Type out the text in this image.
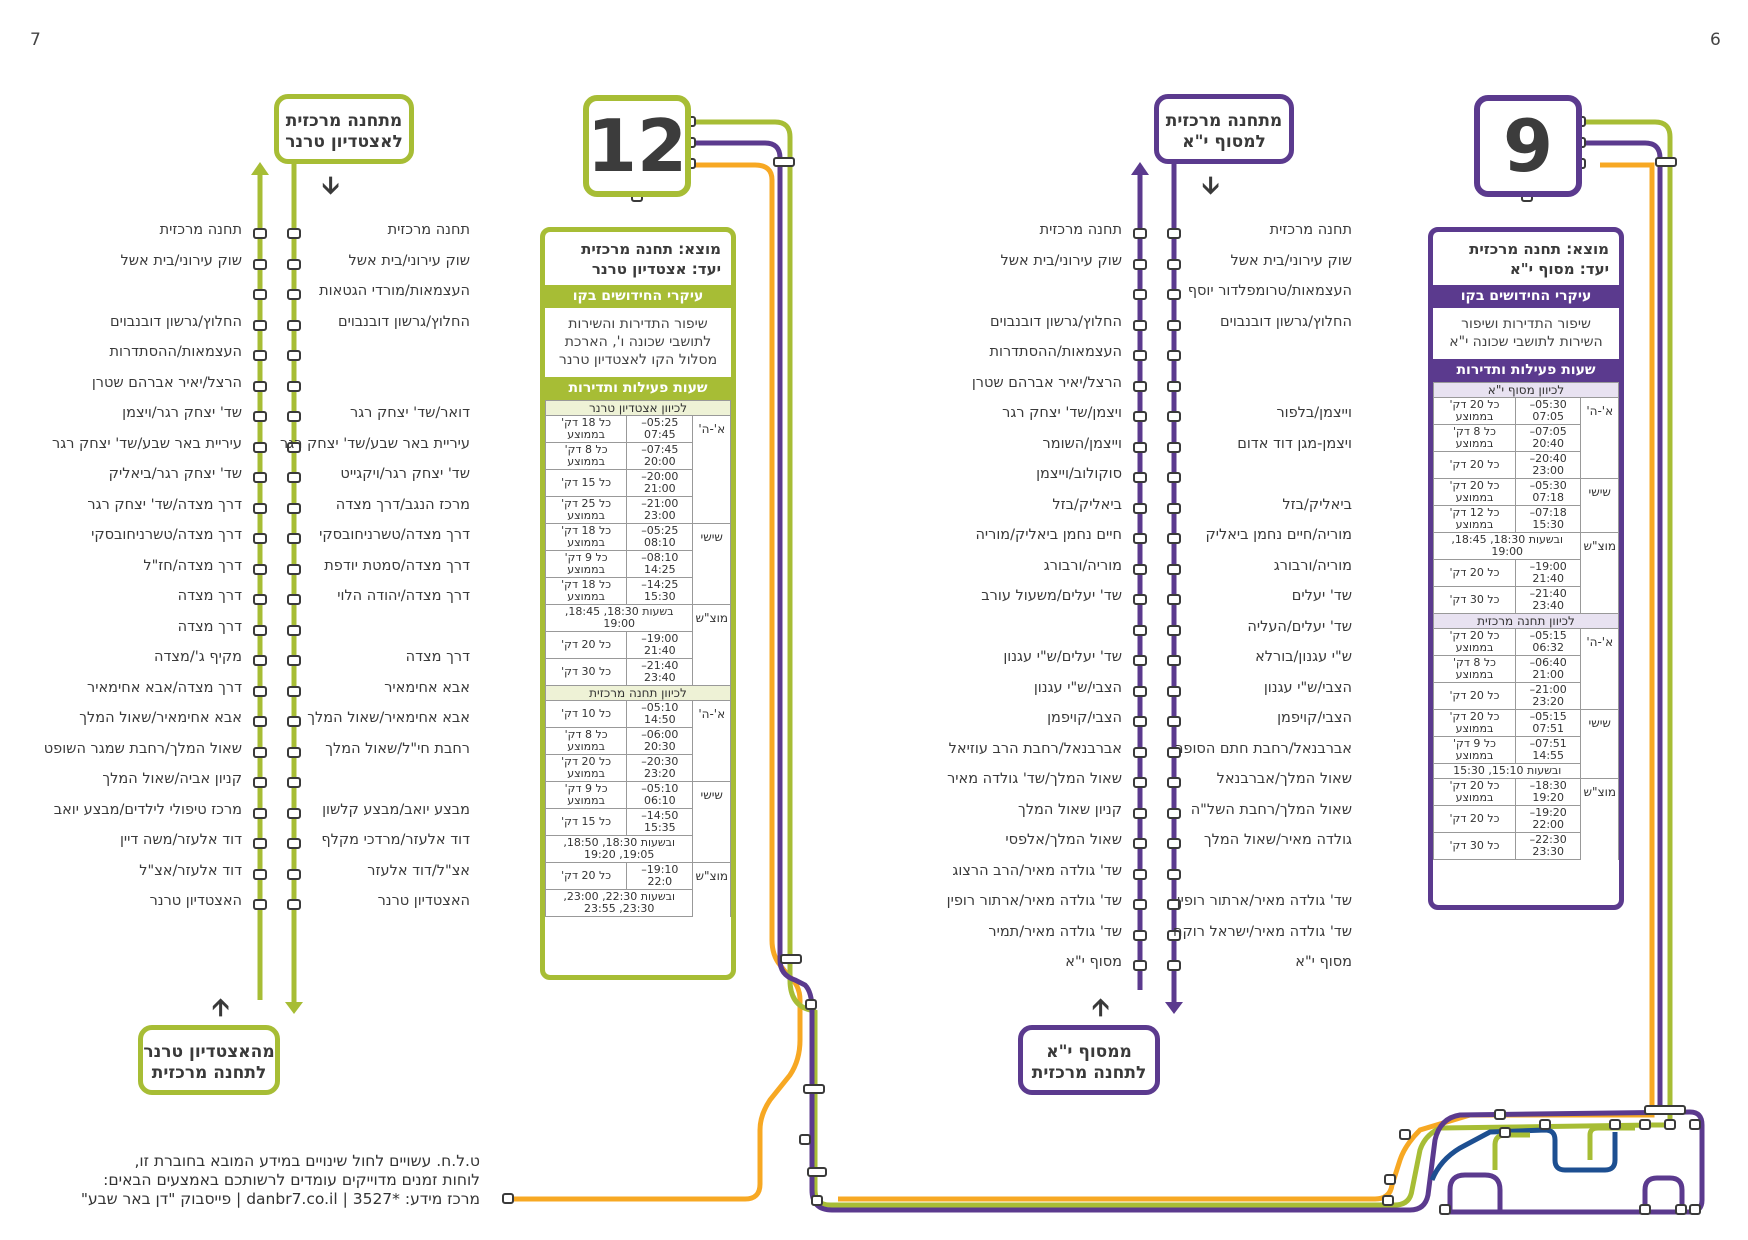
7	6
12
מתחנה מרכזית
לאצטדיון טרנר
🡫
מהאצטדיון טרנר
לתחנה מרכזית
🡩
מוצא: תחנה מרכזית
יעד: אצטדיון טרנר
עיקרי החידושים בקו
שיפור התדירות והשירות לתושבי שכונה ו', הארכת מסלול הקו לאצטדיון טרנר
שעות פעילות ותדירות
לכיוון אצטדיון טרנר		
א'-ה'	05:25–07:45	כל 18 דק' בממוצע
	07:45–20:00	כל 8 דק' בממוצע
	20:00–21:00	כל 15 דק'
	21:00–23:00	כל 25 דק' בממוצע
שישי	05:25–08:10	כל 18 דק' בממוצע
	08:10–14:25	כל 9 דק' בממוצע
	14:25–15:30	כל 18 דק' בממוצע
מוצ"ש	בשעות 18:30, 18:45, 19:00	
	19:00–21:40	כל 20 דק'
	21:40–23:40	כל 30 דק'
לכיוון תחנה מרכזית		
א'-ה'	05:10–14:50	כל 10 דק'
	06:00–20:30	כל 8 דק' בממוצע
	20:30–23:20	כל 20 דק' בממוצע
שישי	05:10–06:10	כל 9 דק' בממוצע
	14:50–15:35	כל 15 דק'
	ובשעות 18:30, 18:50, 19:05, 19:20	
מוצ"ש	19:10–22:0	כל 20 דק'
	ובשעות 22:30, 23:00, 23:30, 23:55	
9
מתחנה מרכזית
למסוף י"א
🡫
ממסוף י"א
לתחנה מרכזית
🡩
מוצא: תחנה מרכזית
יעד: מסוף י"א
עיקרי החידושים בקו
שיפור התדירות ושיפור השירות לתושבי שכונה י"א
שעות פעילות ותדירות
לכיוון מסוף י"א		
א'-ה'	05:30–07:05	כל 20 דק' בממוצע
	07:05–20:40	כל 8 דק' בממוצע
	20:40–23:00	כל 20 דק'
שישי	05:30–07:18	כל 20 דק' בממוצע
	07:18–15:30	כל 12 דק' בממוצע
מוצ"ש	ובשעות 18:30, 18:45, 19:00	
	19:00–21:40	כל 20 דק'
	21:40–23:40	כל 30 דק'
לכיוון תחנה מרכזית		
א'-ה'	05:15–06:32	כל 20 דק' בממוצע
	06:40–21:00	כל 8 דק' בממוצע
	21:00–23:20	כל 20 דק'
שישי	05:15–07:51	כל 20 דק' בממוצע
	07:51–14:55	כל 9 דק' בממוצע
	ובשעות 15:10, 15:30	
מוצ"ש	18:30–19:20	כל 20 דק' בממוצע
	19:20–22:00	כל 20 דק'
	22:30–23:30	כל 30 דק'
תחנה מרכזית
שוק עירוני/בית אשל
העצמאות/מורדי הגטאות
החלוץ/גרשון דובנבוים
דואר/שד' יצחק רגר
עיריית באר שבע/שד' יצחק רגר
שד' יצחק רגר/ויקגייט
מרכז הנגב/דרך מצדה
דרך מצדה/טשרניחובסקי
דרך מצדה/סמטת יודפת
דרך מצדה/יהודה הלוי
דרך מצדה
אבא אחימאיר
אבא אחימאיר/שאול המלך
רחבת חי"ל/שאול המלך
מבצע יואב/מבצע קלשון
דוד אלעזר/מרדכי מקלף
אצ"ל/דוד אלעזר
האצטדיון טרנר
תחנה מרכזית
שוק עירוני/בית אשל
החלוץ/גרשון דובנבוים
העצמאות/ההסתדרות
הרצל/יאיר אברהם שטרן
שד' יצחק רגר/ויצמן
עיריית באר שבע/שד' יצחק רגר
שד' יצחק רגר/ביאליק
דרך מצדה/שד' יצחק רגר
דרך מצדה/טשרניחובסקי
דרך מצדה/חז"ל
דרך מצדה
דרך מצדה
מקיף ג'/מצדה
דרך מצדה/אבא אחימאיר
אבא אחימאיר/שאול המלך
שאול המלך/רחבת שמגר השופט
קניון אביה/שאול המלך
מרכז טיפולי לילדים/מבצע יואב
דוד אלעזר/משה דיין
דוד אלעזר/אצ"ל
האצטדיון טרנר
תחנה מרכזית
שוק עירוני/בית אשל
העצמאות/טרומפלדור יוסף
החלוץ/גרשון דובנבוים
וייצמן/בלפור
ויצמן-מגן דוד אדום
ביאליק/בזל
מוריה/חיים נחמן ביאליק
מוריה/ורבורג
שד' יעלים
שד' יעלים/העליה
ש"י עגנון/בורלא
הצבי/ש"י עגנון
הצבי/קויפמן
אברבנאל/רחבת חתם הסופר
שאול המלך/אברבנאל
שאול המלך/רחבת השל"ה
גולדה מאיר/שאול המלך
שד' גולדה מאיר/ארתור רופין
שד' גולדה מאיר/ישראל רוקח
מסוף י"א
תחנה מרכזית
שוק עירוני/בית אשל
החלוץ/גרשון דובנבוים
העצמאות/ההסתדרות
הרצל/יאיר אברהם שטרן
ויצמן/שד' יצחק רגר
וייצמן/השומר
סוקולוב/וייצמן
ביאליק/בזל
חיים נחמן ביאליק/מוריה
מוריה/ורבורג
שד' יעלים/משעול עורב
שד' יעלים/ש"י עגנון
הצבי/ש"י עגנון
הצבי/קויפמן
אברבנאל/רחבת הרב עוזיאל
שאול המלך/שד' גולדה מאיר
קניון שאול המלך
שאול המלך/אלפסי
שד' גולדה מאיר/הרב הרצוג
שד' גולדה מאיר/ארתור רופין
שד' גולדה מאיר/תמיר
מסוף י"א
ט.ל.ח. עשויים לחול שינויים במידע המובא בחוברת זו,
לוחות זמנים מדוייקים עומדים לרשותכם באמצעים הבאים:
מרכז מידע: *3527 | danbr7.co.il | פייסבוק "דן באר שבע"
